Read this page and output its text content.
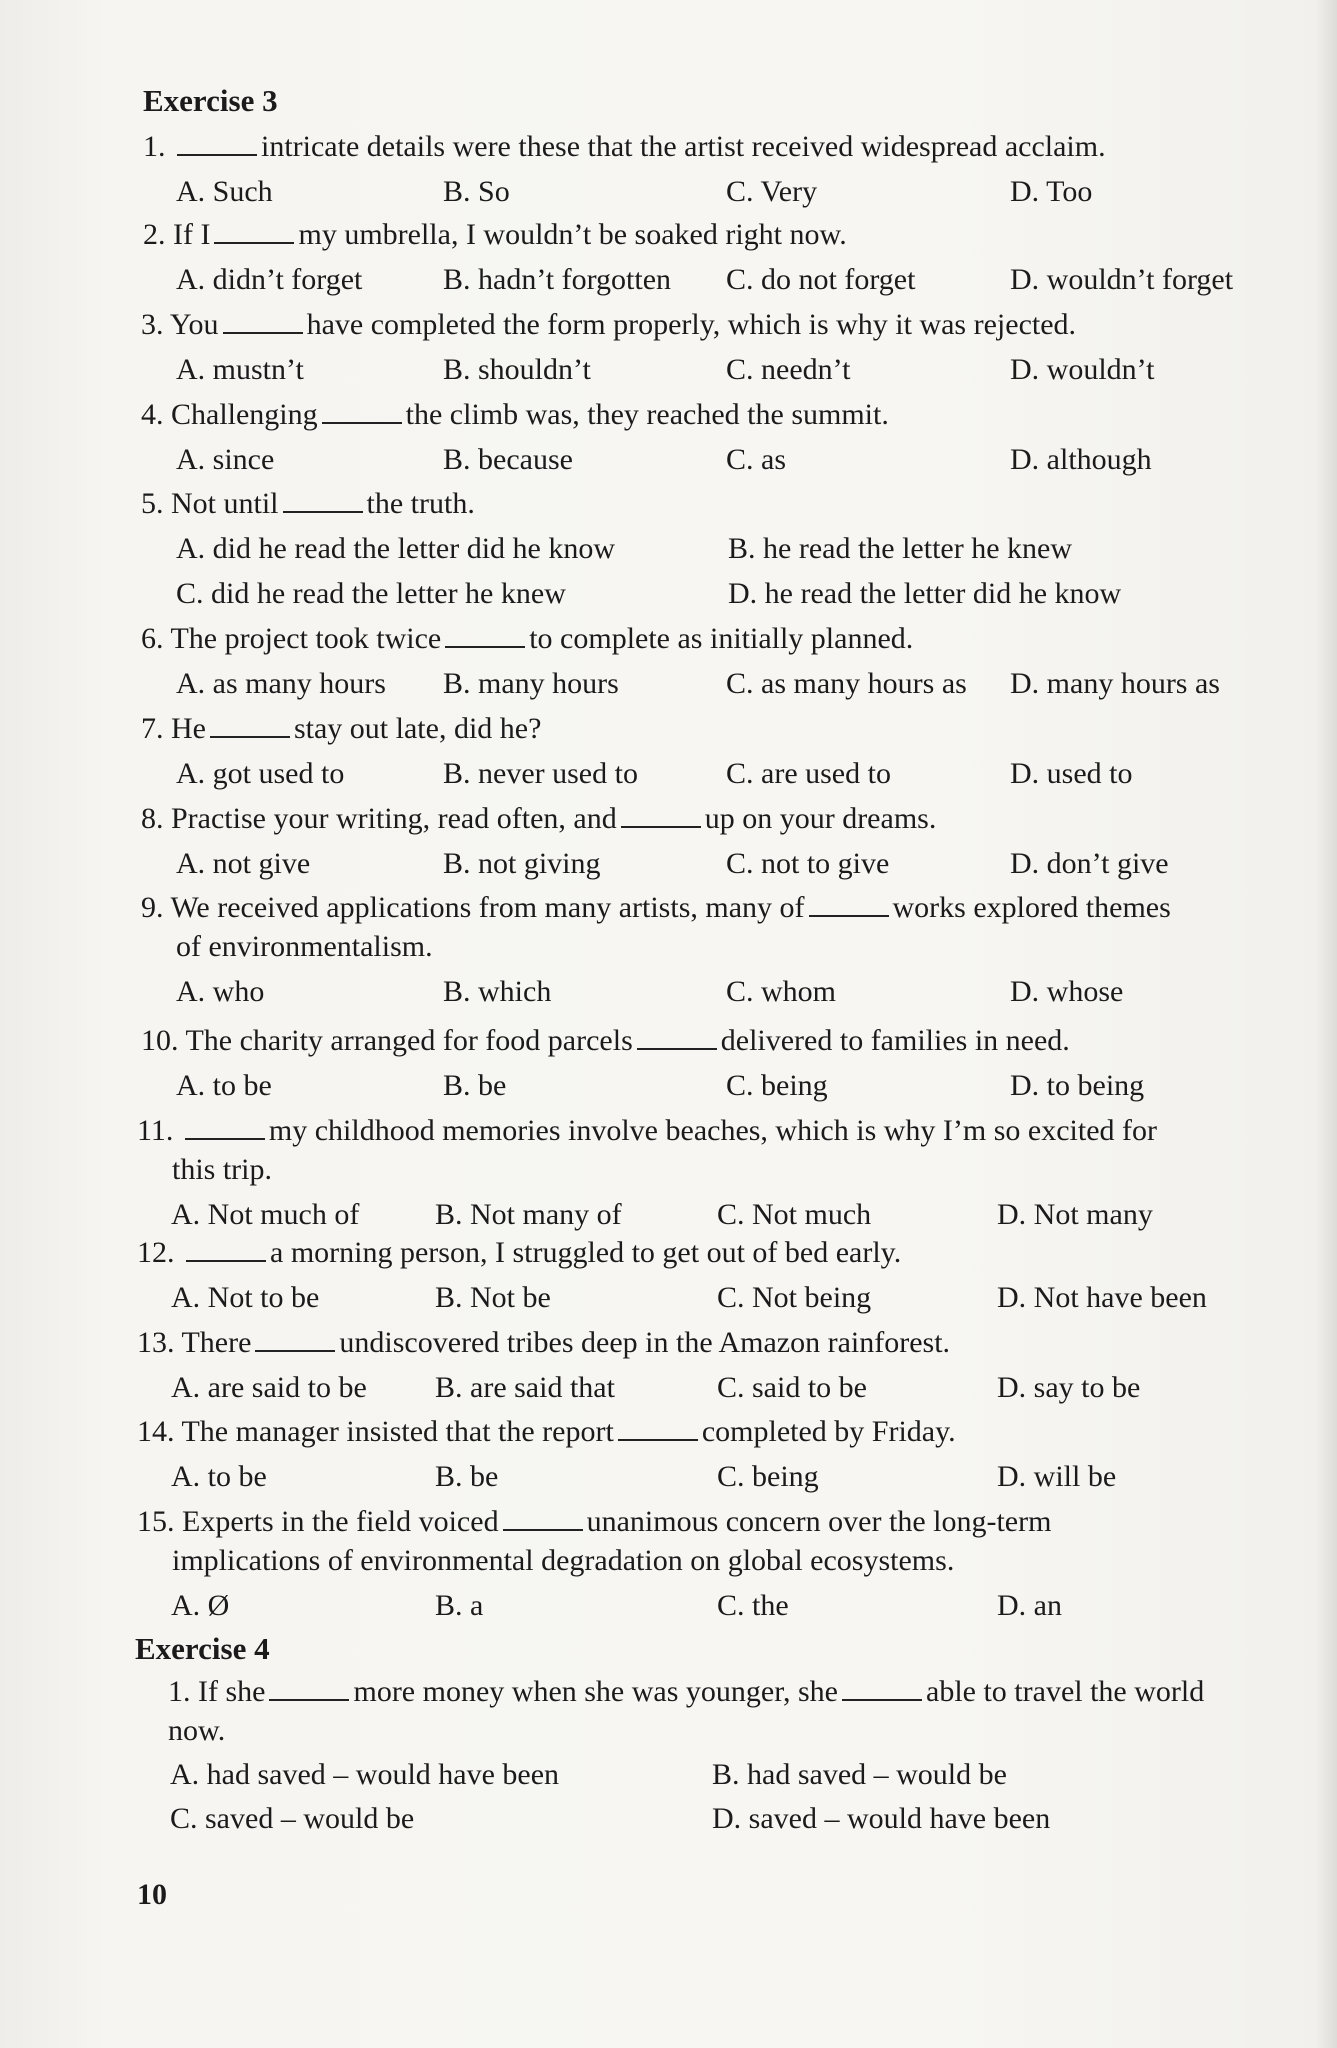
Exercise 3
1.	intricate details were these that the artist received widespread acclaim.
A. Such	B. So	C. Very	D. Too
2. If I	my umbrella, I wouldn’t be soaked right now.
A. didn’t forget	B. hadn’t forgotten C. do not forget	D. wouldn’t forget
3. You	have completed the form properly, which is why it was rejected.
A. mustn’t	B. shouldn’t	C. needn’t	D. wouldn’t
4. Challenging	the climb was, they reached the summit.
A. since	B. because	C. as	D. although
5. Not until	the truth.
A. did he read the letter did he know	B. he read the letter he knew
C. did he read the letter he knew	D. he read the letter did he know
6. The project took twice	to complete as initially planned.
A. as many hours B. many hours	C. as many hours as D. many hours as
7. He	stay out late, did he?
A. got used to	B. never used to	C. are used to	D. used to
8. Practise your writing, read often, and	up on your dreams.
A. not give	B. not giving	C. not to give	D. don’t give
9. We received applications from many artists, many of	works explored themes
of environmentalism.
A. who	B. which	C. whom	D. whose
10. The charity arranged for food parcels	delivered to families in need.
A. to be	B. be	C. being	D. to being
11.	my childhood memories involve beaches, which is why I’m so excited for
this trip.
A. Not much of	B. Not many of	C. Not much	D. Not many
12.	a morning person, I struggled to get out of bed early.
A. Not to be	B. Not be	C. Not being	D. Not have been
13. There	undiscovered tribes deep in the Amazon rainforest.
A. are said to be B. are said that	C. said to be	D. say to be
14. The manager insisted that the report	completed by Friday.
A. to be	B. be	C. being	D. will be
15. Experts in the field voiced	unanimous concern over the long-term
implications of environmental degradation on global ecosystems.
A. Ø	B. a	C. the	D. an
Exercise 4
1. If she	more money when she was younger, she	able to travel the world
now.
A. had saved – would have been	B. had saved – would be
C. saved – would be	D. saved – would have been
10
